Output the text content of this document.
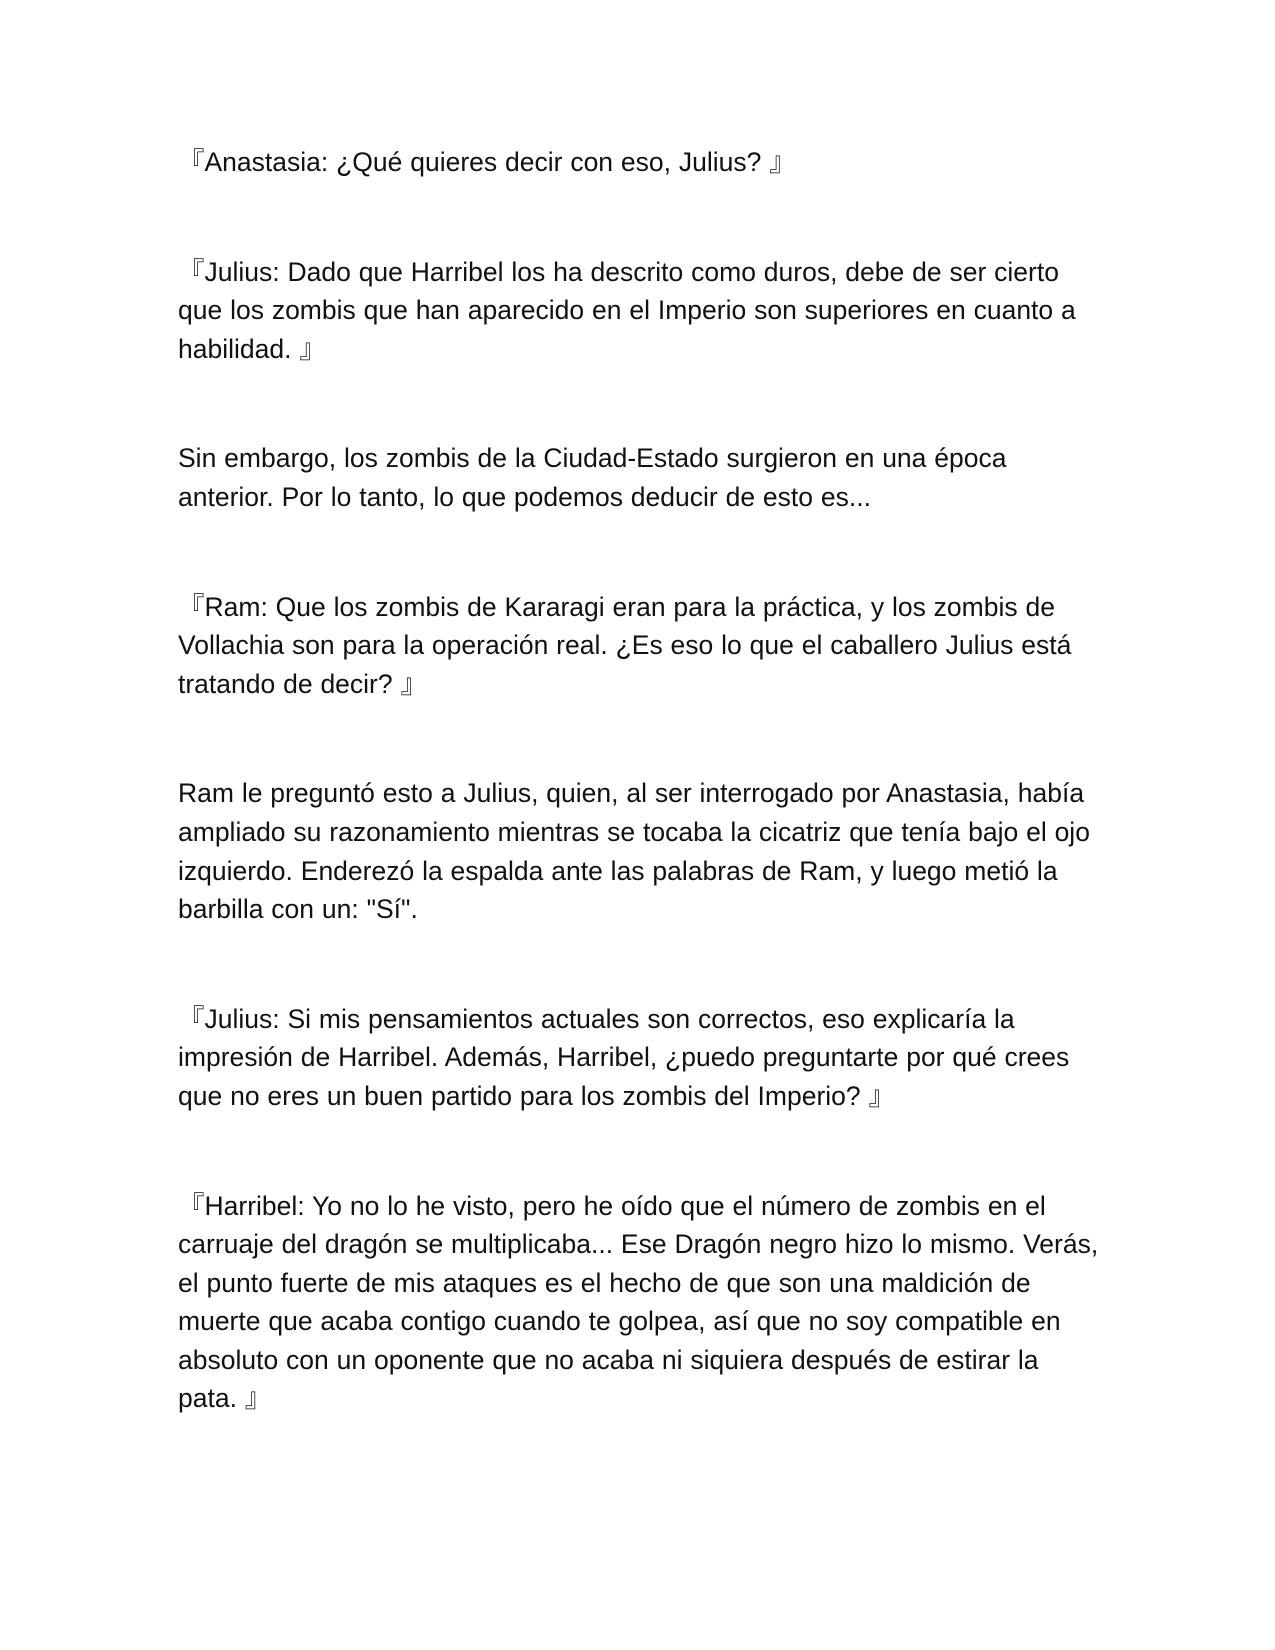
『Anastasia: ¿Qué quieres decir con eso, Julius? 』

『Julius: Dado que Harribel los ha descrito como duros, debe de ser cierto que los zombis que han aparecido en el Imperio son superiores en cuanto a habilidad. 』

Sin embargo, los zombis de la Ciudad-Estado surgieron en una época anterior. Por lo tanto, lo que podemos deducir de esto es...

『Ram: Que los zombis de Kararagi eran para la práctica, y los zombis de Vollachia son para la operación real. ¿Es eso lo que el caballero Julius está tratando de decir? 』

Ram le preguntó esto a Julius, quien, al ser interrogado por Anastasia, había ampliado su razonamiento mientras se tocaba la cicatriz que tenía bajo el ojo izquierdo. Enderezó la espalda ante las palabras de Ram, y luego metió la barbilla con un: "Sí".

『Julius: Si mis pensamientos actuales son correctos, eso explicaría la impresión de Harribel. Además, Harribel, ¿puedo preguntarte por qué crees que no eres un buen partido para los zombis del Imperio? 』

『Harribel: Yo no lo he visto, pero he oído que el número de zombis en el carruaje del dragón se multiplicaba... Ese Dragón negro hizo lo mismo. Verás, el punto fuerte de mis ataques es el hecho de que son una maldición de muerte que acaba contigo cuando te golpea, así que no soy compatible en absoluto con un oponente que no acaba ni siquiera después de estirar la pata. 』
